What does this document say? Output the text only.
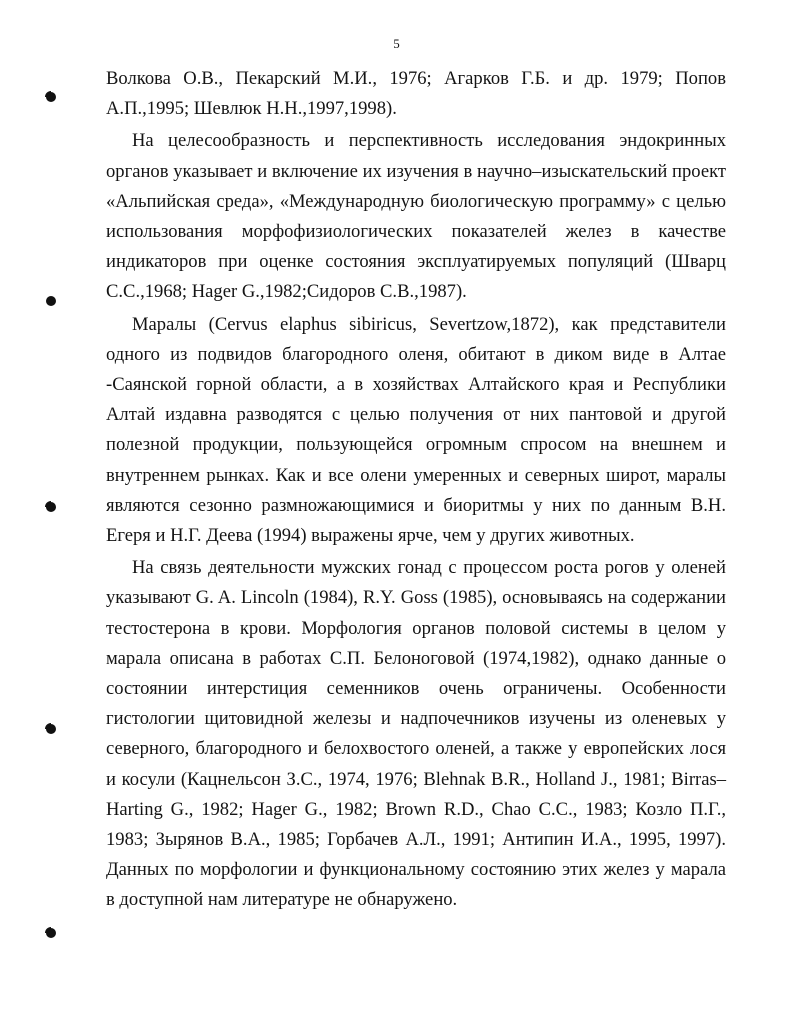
5

Волкова О.В., Пекарский М.И., 1976; Агарков Г.Б. и др. 1979; Попов А.П.,1995; Шевлюк Н.Н.,1997,1998).

На целесообразность и перспективность исследования эндокринных органов указывает и включение их изучения в научно–изыскательский проект «Альпийская среда», «Международную биологическую программу» с целью использования морфофизиологических показателей желез в качестве индикаторов при оценке состояния эксплуатируемых популяций (Шварц С.С.,1968; Hager G.,1982;Сидоров С.В.,1987).

Маралы (Cervus elaphus sibiricus, Severtzow,1872), как представители одного из подвидов благородного оленя, обитают в диком виде в Алтае -Саянской горной области, а в хозяйствах Алтайского края и Республики Алтай издавна разводятся с целью получения от них пантовой и другой полезной продукции, пользующейся огромным спросом на внешнем и внутреннем рынках. Как и все олени умеренных и северных широт, маралы являются сезонно размножающимися и биоритмы у них по данным В.Н. Егеря и Н.Г. Деева (1994) выражены ярче, чем у других животных.

На связь деятельности мужских гонад с процессом роста рогов у оленей указывают G. A. Lincoln (1984), R.Y. Goss (1985), основываясь на содержании тестостерона в крови. Морфология органов половой системы в целом у марала описана в работах С.П. Белоноговой (1974,1982), однако данные о состоянии интерстиция семенников очень ограничены. Особенности гистологии щитовидной железы и надпочечников изучены из оленевых у северного, благородного и белохвостого оленей, а также у европейских лося и косули (Кацнельсон З.С., 1974, 1976; Blehnak B.R., Holland J., 1981; Birras–Harting G., 1982; Hager G., 1982; Brown R.D., Chao C.C., 1983; Козло П.Г., 1983; Зырянов В.А., 1985; Горбачев А.Л., 1991; Антипин И.А., 1995, 1997). Данных по морфологии и функциональному состоянию этих желез у марала в доступной нам литературе не обнаружено.
